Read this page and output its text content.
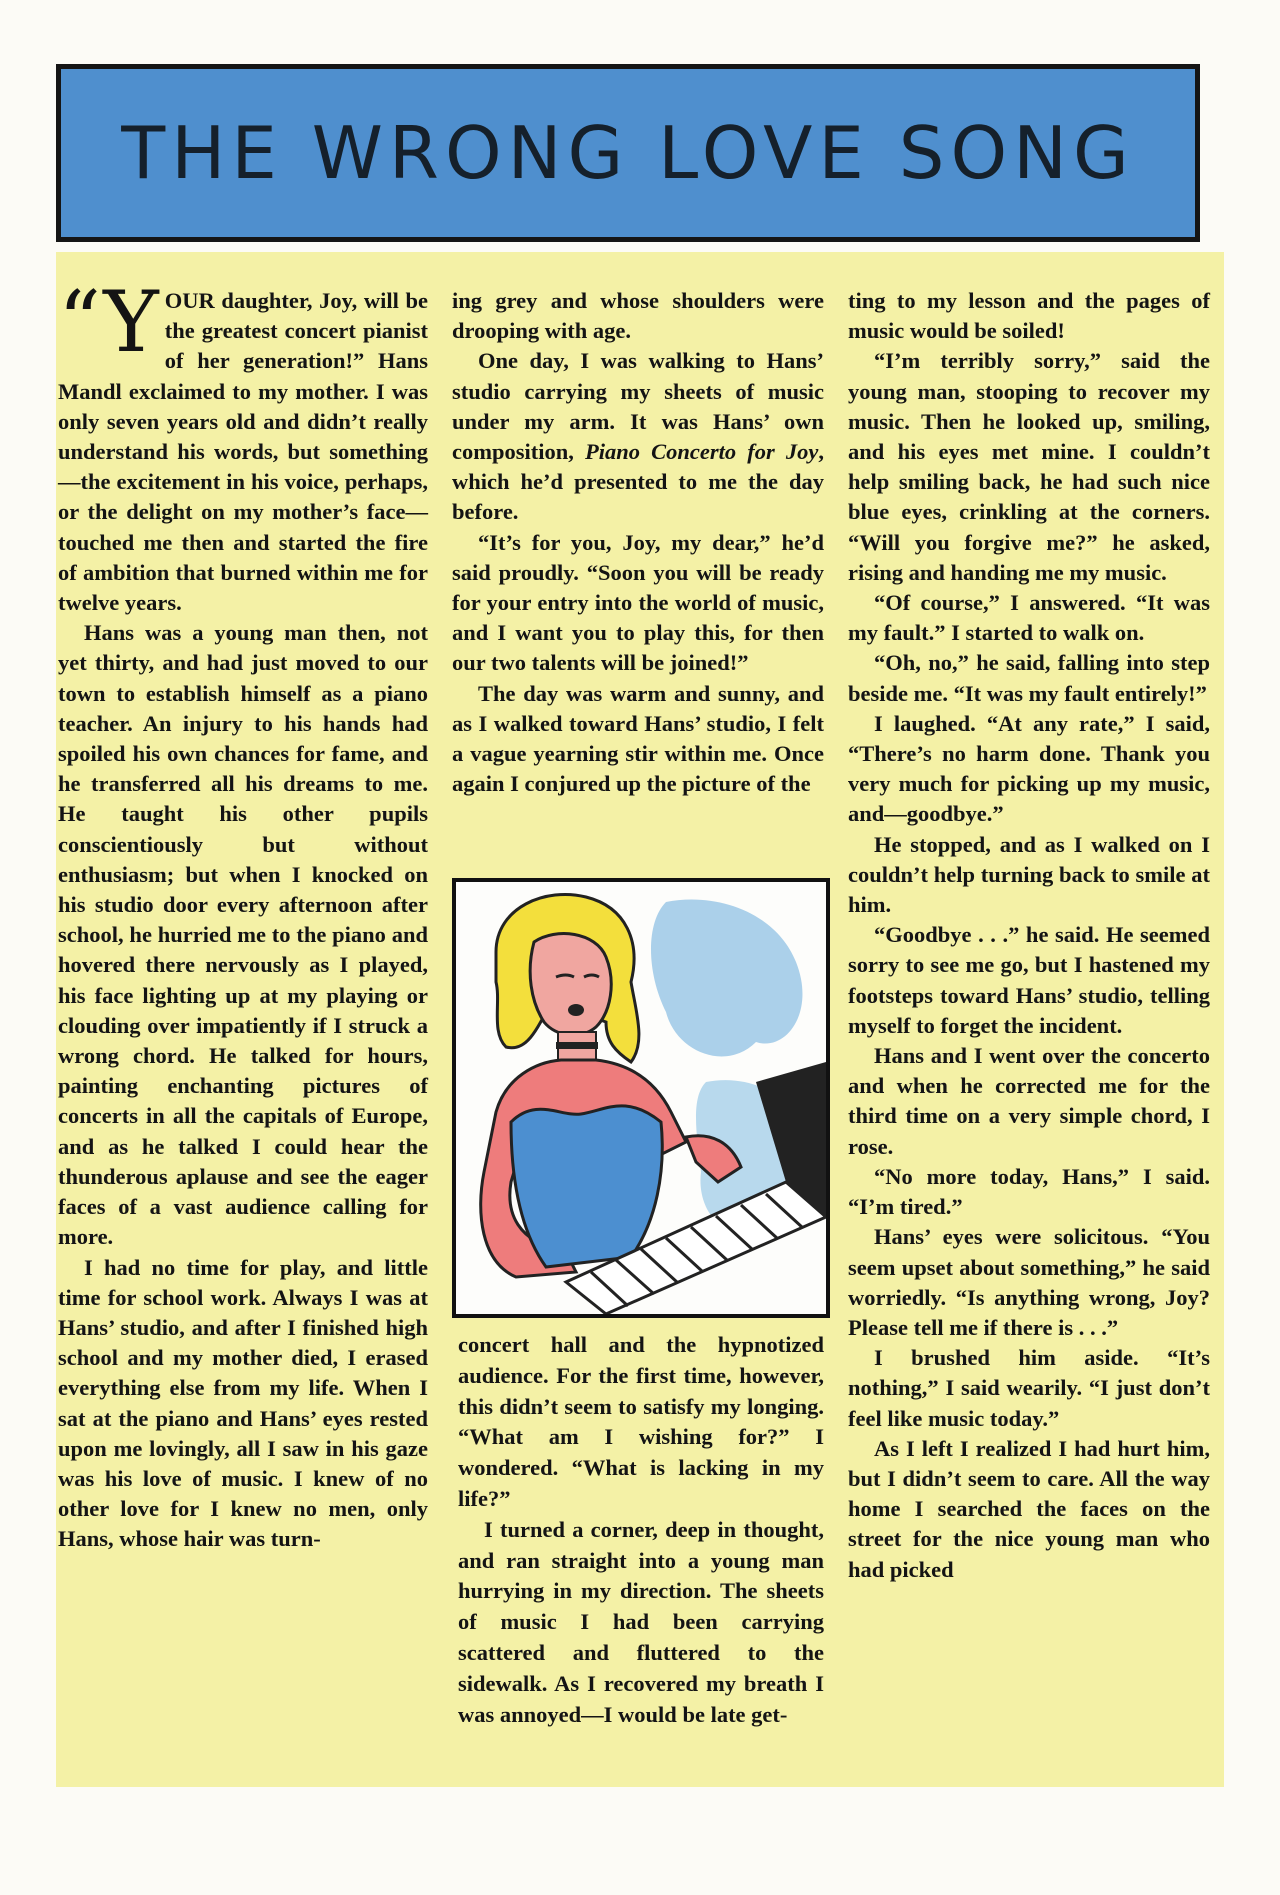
THE WRONG LOVE SONG

“YOUR daughter, Joy, will be the greatest concert pianist of her generation!” Hans Mandl exclaimed to my mother. I was only seven years old and didn’t really understand his words, but something—the excitement in his voice, perhaps, or the delight on my mother’s face—touched me then and started the fire of ambition that burned within me for twelve years.

Hans was a young man then, not yet thirty, and had just moved to our town to establish himself as a piano teacher. An injury to his hands had spoiled his own chances for fame, and he transferred all his dreams to me. He taught his other pupils conscientiously but without enthusiasm; but when I knocked on his studio door every afternoon after school, he hurried me to the piano and hovered there nervously as I played, his face lighting up at my playing or clouding over impatiently if I struck a wrong chord. He talked for hours, painting enchanting pictures of concerts in all the capitals of Europe, and as he talked I could hear the thunderous aplause and see the eager faces of a vast audience calling for more.

I had no time for play, and little time for school work. Always I was at Hans’ studio, and after I finished high school and my mother died, I erased everything else from my life. When I sat at the piano and Hans’ eyes rested upon me lovingly, all I saw in his gaze was his love of music. I knew of no other love for I knew no men, only Hans, whose hair was turn-

ing grey and whose shoulders were drooping with age.

One day, I was walking to Hans’ studio carrying my sheets of music under my arm. It was Hans’ own composition, Piano Concerto for Joy, which he’d presented to me the day before.

“It’s for you, Joy, my dear,” he’d said proudly. “Soon you will be ready for your entry into the world of music, and I want you to play this, for then our two talents will be joined!”

The day was warm and sunny, and as I walked toward Hans’ studio, I felt a vague yearning stir within me. Once again I conjured up the picture of the

concert hall and the hypnotized audience. For the first time, however, this didn’t seem to satisfy my longing. “What am I wishing for?” I wondered. “What is lacking in my life?”

I turned a corner, deep in thought, and ran straight into a young man hurrying in my direction. The sheets of music I had been carrying scattered and fluttered to the sidewalk. As I recovered my breath I was annoyed—I would be late get-

ting to my lesson and the pages of music would be soiled!

“I’m terribly sorry,” said the young man, stooping to recover my music. Then he looked up, smiling, and his eyes met mine. I couldn’t help smiling back, he had such nice blue eyes, crinkling at the corners. “Will you forgive me?” he asked, rising and handing me my music.

“Of course,” I answered. “It was my fault.” I started to walk on.

“Oh, no,” he said, falling into step beside me. “It was my fault entirely!”

I laughed. “At any rate,” I said, “There’s no harm done. Thank you very much for picking up my music, and—goodbye.”

He stopped, and as I walked on I couldn’t help turning back to smile at him.

“Goodbye . . .” he said. He seemed sorry to see me go, but I hastened my footsteps toward Hans’ studio, telling myself to forget the incident.

Hans and I went over the concerto and when he corrected me for the third time on a very simple chord, I rose.

“No more today, Hans,” I said. “I’m tired.”

Hans’ eyes were solicitous. “You seem upset about something,” he said worriedly. “Is anything wrong, Joy? Please tell me if there is . . .”

I brushed him aside. “It’s nothing,” I said wearily. “I just don’t feel like music today.”

As I left I realized I had hurt him, but I didn’t seem to care. All the way home I searched the faces on the street for the nice young man who had picked
